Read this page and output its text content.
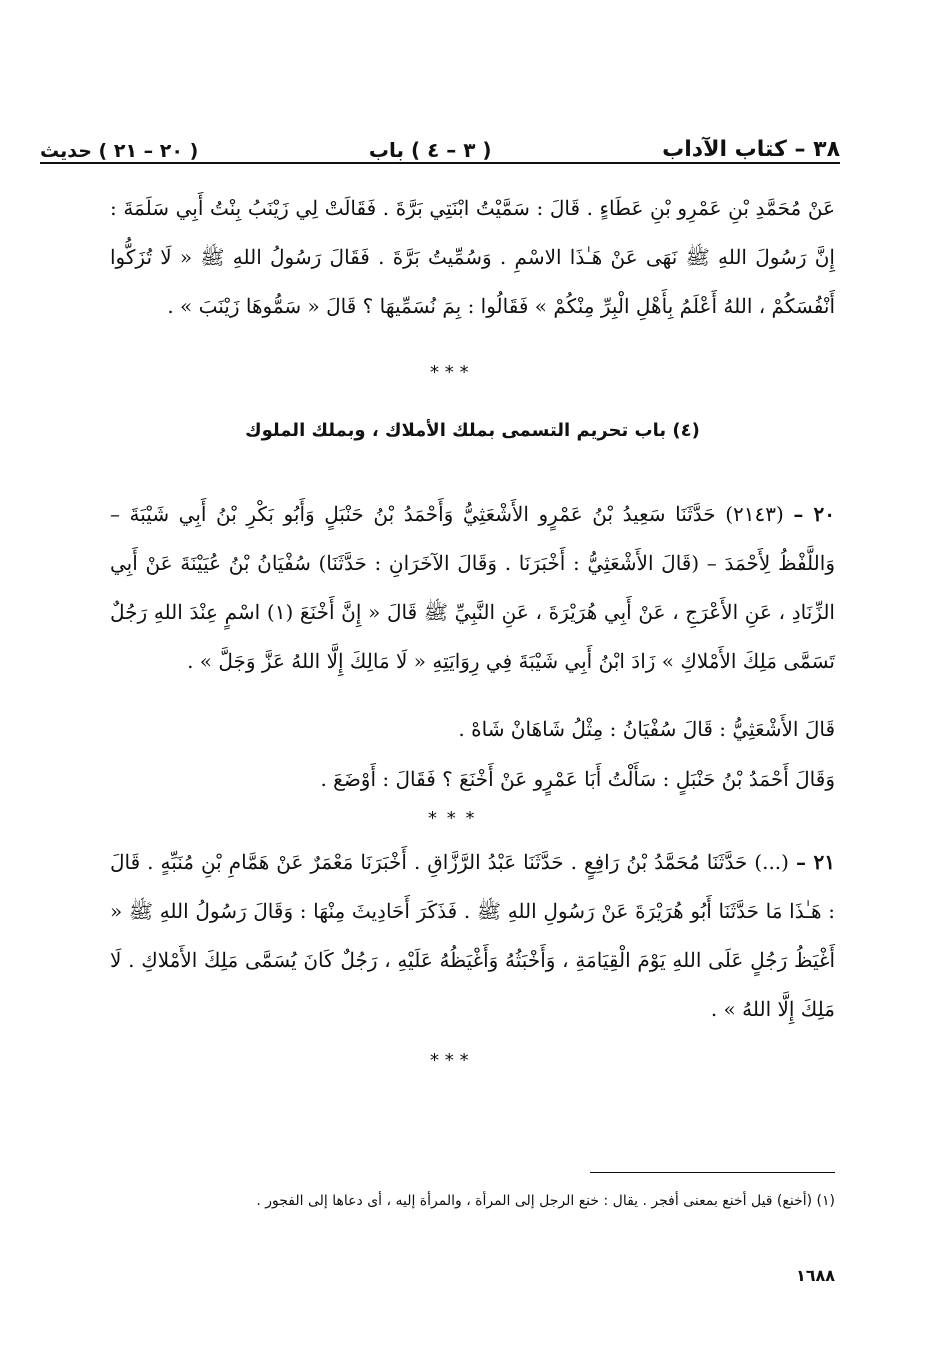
٣٨ – كتاب الآداب
( ٣ – ٤ ) باب
( ٢٠ – ٢١ ) حديث
عَنْ مُحَمَّدِ بْنِ عَمْرِو بْنِ عَطَاءٍ . قَالَ : سَمَّيْتُ ابْنَتِي بَرَّةَ . فَقَالَتْ لِي زَيْنَبُ بِنْتُ أَبِي سَلَمَةَ : إِنَّ رَسُولَ اللهِ ﷺ نَهَى عَنْ هَـٰذَا الاسْمِ . وَسُمِّيتُ بَرَّةَ . فَقَالَ رَسُولُ اللهِ ﷺ « لَا تُزَكُّوا أَنْفُسَكُمْ ، اللهُ أَعْلَمُ بِأَهْلِ الْبِرِّ مِنْكُمْ » فَقَالُوا : بِمَ نُسَمِّيهَا ؟ قَالَ « سَمُّوهَا زَيْنَبَ » .
* * *
(٤) باب تحريم التسمى بملك الأملاك ، وبملك الملوك
٢٠ – (٢١٤٣) حَدَّثَنَا سَعِيدُ بْنُ عَمْرٍو الأَشْعَثِيُّ وَأَحْمَدُ بْنُ حَنْبَلٍ وَأَبُو بَكْرِ بْنُ أَبِي شَيْبَةَ – وَاللَّفْظُ لِأَحْمَدَ – (قَالَ الأَشْعَثِيُّ : أَخْبَرَنَا . وَقَالَ الآخَرَانِ : حَدَّثَنَا) سُفْيَانُ بْنُ عُيَيْنَةَ عَنْ أَبِي الزِّنَادِ ، عَنِ الأَعْرَجِ ، عَنْ أَبِي هُرَيْرَةَ ، عَنِ النَّبِيِّ ﷺ قَالَ « إِنَّ أَخْنَعَ (١) اسْمٍ عِنْدَ اللهِ رَجُلٌ تَسَمَّى مَلِكَ الأَمْلاكِ » زَادَ ابْنُ أَبِي شَيْبَةَ فِي رِوَايَتِهِ « لَا مَالِكَ إِلَّا اللهُ عَزَّ وَجَلَّ » .
قَالَ الأَشْعَثِيُّ : قَالَ سُفْيَانُ : مِثْلُ شَاهَانْ شَاهْ .
وَقَالَ أَحْمَدُ بْنُ حَنْبَلٍ : سَأَلْتُ أَبَا عَمْرٍو عَنْ أَخْنَعَ ؟ فَقَالَ : أَوْضَعَ .
* * *
٢١ – (...) حَدَّثَنَا مُحَمَّدُ بْنُ رَافِعٍ . حَدَّثَنَا عَبْدُ الرَّزَّاقِ . أَخْبَرَنَا مَعْمَرٌ عَنْ هَمَّامِ بْنِ مُنَبِّهٍ . قَالَ : هَـٰذَا مَا حَدَّثَنَا أَبُو هُرَيْرَةَ عَنْ رَسُولِ اللهِ ﷺ . فَذَكَرَ أَحَادِيثَ مِنْهَا : وَقَالَ رَسُولُ اللهِ ﷺ « أَغْيَظُ رَجُلٍ عَلَى اللهِ يَوْمَ الْقِيَامَةِ ، وَأَخْبَثُهُ وَأَغْيَظُهُ عَلَيْهِ ، رَجُلٌ كَانَ يُسَمَّى مَلِكَ الأَمْلاكِ . لَا مَلِكَ إِلَّا اللهُ » .
* * *
(١) (أخنع) قيل أخنع بمعنى أفجر . يقال : خنع الرجل إلى المرأة ، والمرأة إليه ، أى دعاها إلى الفجور .
١٦٨٨
